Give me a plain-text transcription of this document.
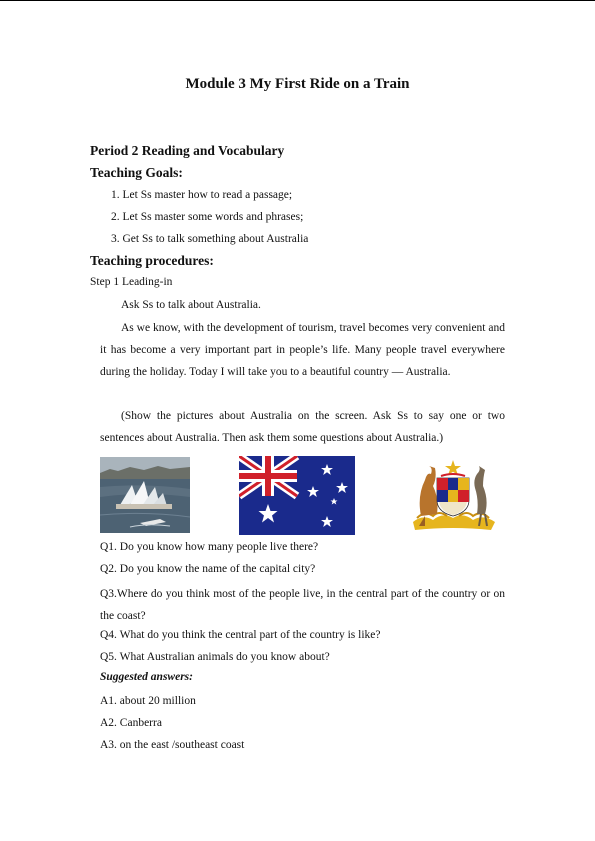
Module 3 My First Ride on a Train
Period 2 Reading and Vocabulary
Teaching Goals:
1. Let Ss master how to read a passage;
2. Let Ss master some words and phrases;
3. Get Ss to talk something about Australia
Teaching procedures:
Step 1 Leading-in
Ask Ss to talk about Australia.
As we know, with the development of tourism, travel becomes very convenient and it has become a very important part in people’s life. Many people travel everywhere during the holiday. Today I will take you to a beautiful country — Australia.
(Show the pictures about Australia on the screen. Ask Ss to say one or two sentences about Australia. Then ask them some questions about Australia.)
Q1. Do you know how many people live there?
Q2. Do you know the name of the capital city?
Q3.Where do you think most of the people live, in the central part of the country or on the coast?
Q4. What do you think the central part of the country is like?
Q5. What Australian animals do you know about?
Suggested answers:
A1. about 20 million
A2. Canberra
A3. on the east /southeast coast
